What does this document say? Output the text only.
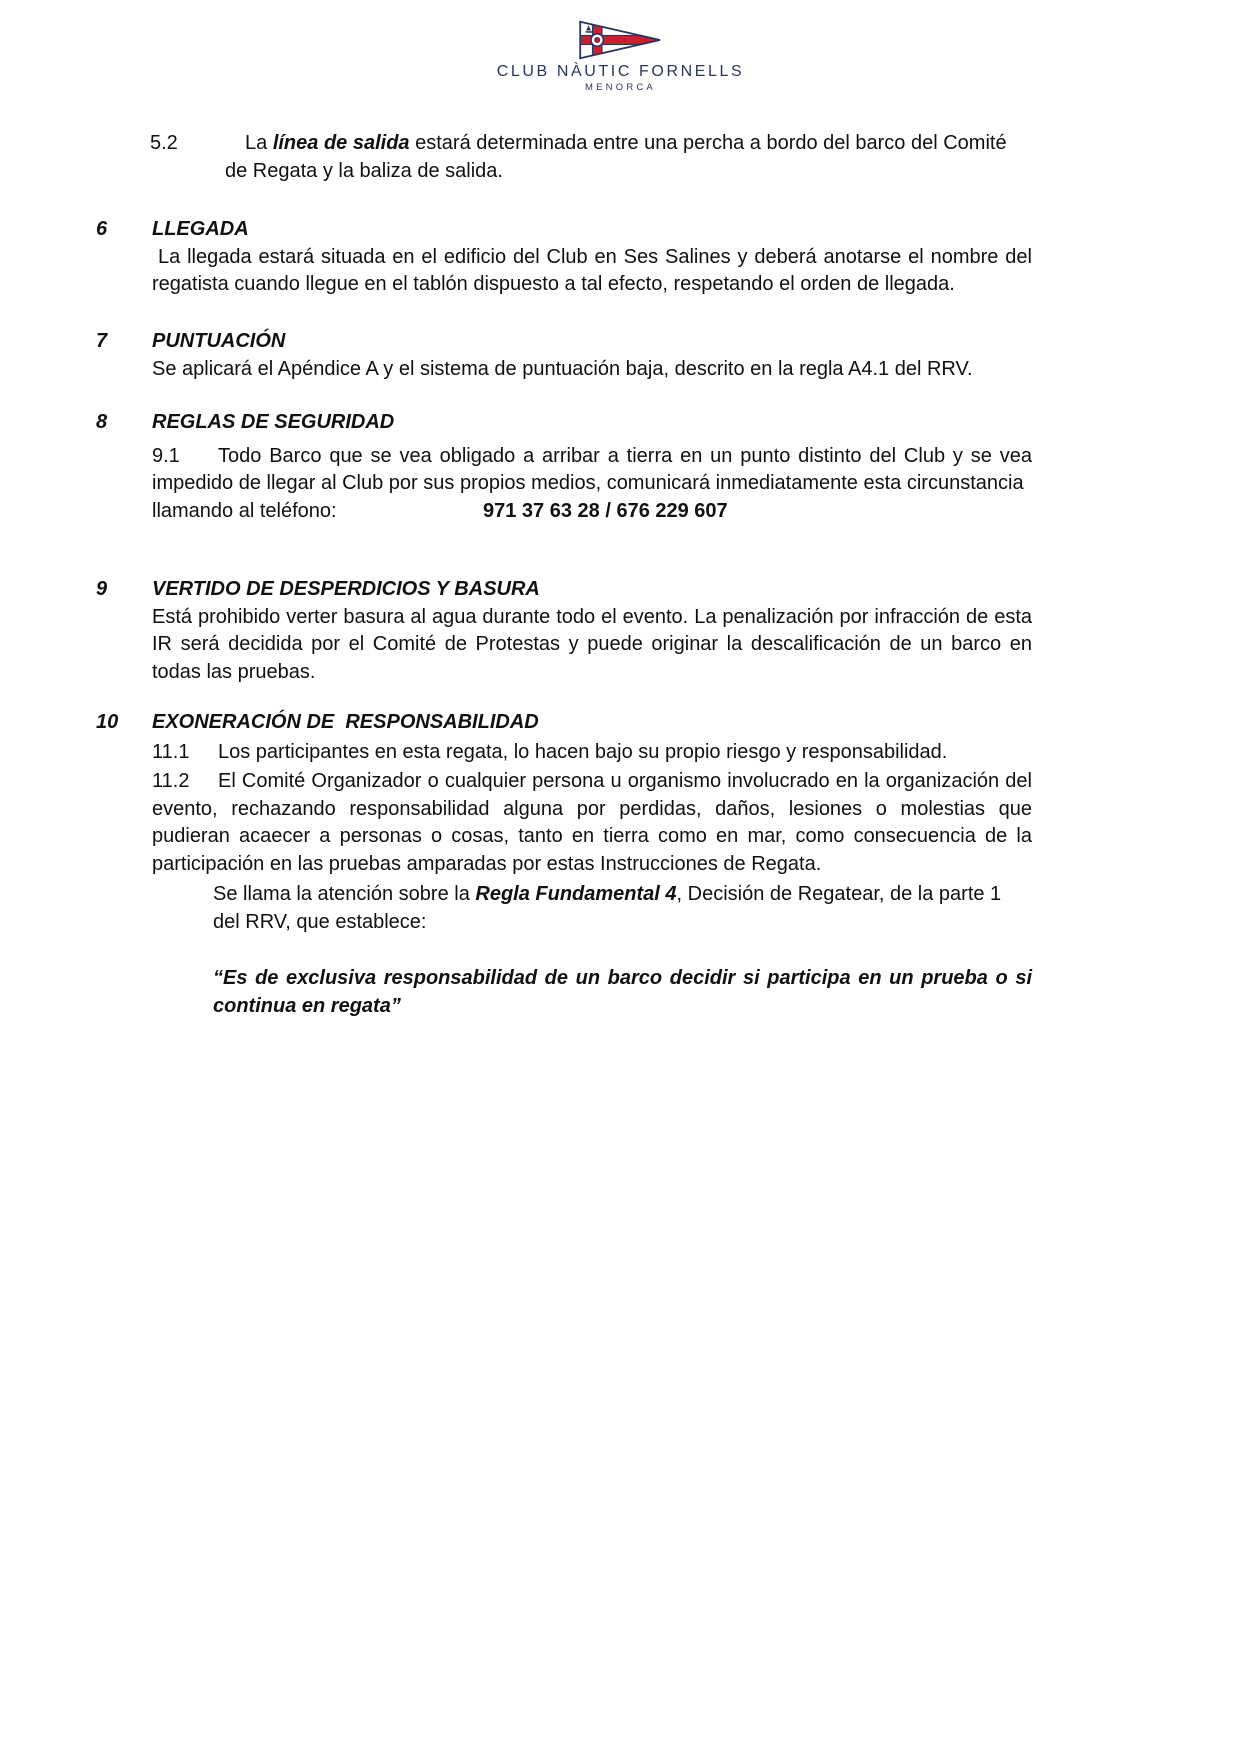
CLUB NÀUTIC FORNELLS
MENORCA

5.2	La línea de salida estará determinada entre una percha a bordo del barco del Comité de Regata y la baliza de salida.

6 LLEGADA

La llegada estará situada en el edificio del Club en Ses Salines y deberá anotarse el nombre del regatista cuando llegue en el tablón dispuesto a tal efecto, respetando el orden de llegada.

7 PUNTUACIÓN

Se aplicará el Apéndice A y el sistema de puntuación baja, descrito en la regla A4.1 del RRV.

8 REGLAS DE SEGURIDAD

9.1 Todo Barco que se vea obligado a arribar a tierra en un punto distinto del Club y se vea impedido de llegar al Club por sus propios medios, comunicará inmediatamente esta circunstancia

llamando al teléfono:	971 37 63 28 / 676 229 607
9 VERTIDO DE DESPERDICIOS Y BASURA

Está prohibido verter basura al agua durante todo el evento. La penalización por infracción de esta IR será decidida por el Comité de Protestas y puede originar la descalificación de un barco en todas las pruebas.

10 EXONERACIÓN DE  RESPONSABILIDAD

11.1 Los participantes en esta regata, lo hacen bajo su propio riesgo y responsabilidad.

11.2 El Comité Organizador o cualquier persona u organismo involucrado en la organización del evento, rechazando responsabilidad alguna por perdidas, daños, lesiones o molestias que pudieran acaecer a personas o cosas, tanto en tierra como en mar, como consecuencia de la participación en las pruebas amparadas por estas Instrucciones de Regata.

Se llama la atención sobre la Regla Fundamental 4, Decisión de Regatear, de la parte 1 del RRV, que establece:

“Es de exclusiva responsabilidad de un barco decidir si participa en un prueba o si continua en regata”
